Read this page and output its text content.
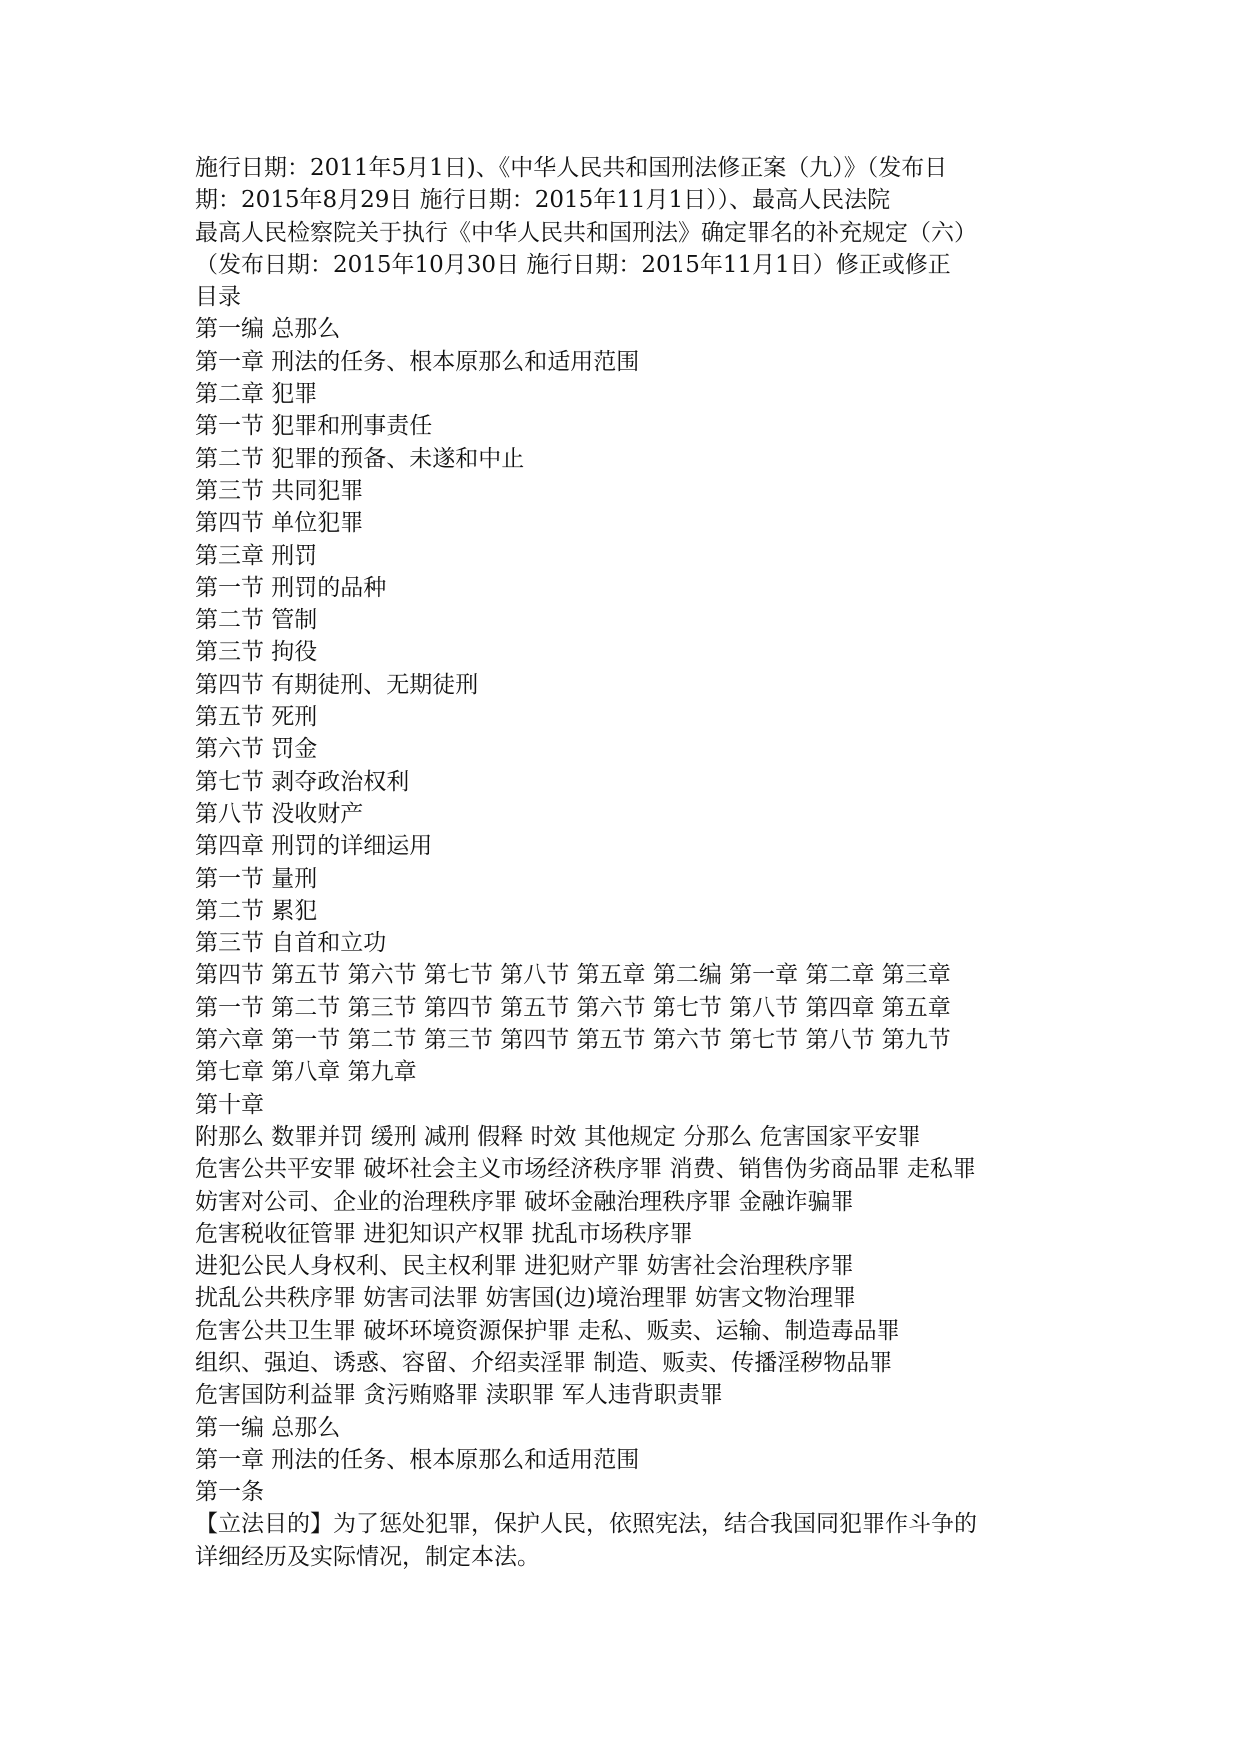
施行日期：2011年5月1日)、《中华人民共和国刑法修正案（九）》（发布日
期：2015年8月29日 施行日期：2015年11月1日））、最高人民法院
最高人民检察院关于执行《中华人民共和国刑法》确定罪名的补充规定（六）
（发布日期：2015年10月30日 施行日期：2015年11月1日）修正或修正
目录
第一编 总那么
第一章 刑法的任务、根本原那么和适用范围
第二章 犯罪
第一节 犯罪和刑事责任
第二节 犯罪的预备、未遂和中止
第三节 共同犯罪
第四节 单位犯罪
第三章 刑罚
第一节 刑罚的品种
第二节 管制
第三节 拘役
第四节 有期徒刑、无期徒刑
第五节 死刑
第六节 罚金
第七节 剥夺政治权利
第八节 没收财产
第四章 刑罚的详细运用
第一节 量刑
第二节 累犯
第三节 自首和立功
第四节 第五节 第六节 第七节 第八节 第五章 第二编 第一章 第二章 第三章
第一节 第二节 第三节 第四节 第五节 第六节 第七节 第八节 第四章 第五章
第六章 第一节 第二节 第三节 第四节 第五节 第六节 第七节 第八节 第九节
第七章 第八章 第九章
第十章
附那么 数罪并罚 缓刑 减刑 假释 时效 其他规定 分那么 危害国家平安罪
危害公共平安罪 破坏社会主义市场经济秩序罪 消费、销售伪劣商品罪 走私罪
妨害对公司、企业的治理秩序罪 破坏金融治理秩序罪 金融诈骗罪
危害税收征管罪 进犯知识产权罪 扰乱市场秩序罪
进犯公民人身权利、民主权利罪 进犯财产罪 妨害社会治理秩序罪
扰乱公共秩序罪 妨害司法罪 妨害国(边)境治理罪 妨害文物治理罪
危害公共卫生罪 破坏环境资源保护罪 走私、贩卖、运输、制造毒品罪
组织、强迫、诱惑、容留、介绍卖淫罪 制造、贩卖、传播淫秽物品罪
危害国防利益罪 贪污贿赂罪 渎职罪 军人违背职责罪
第一编 总那么
第一章 刑法的任务、根本原那么和适用范围
第一条
【立法目的】为了惩处犯罪，保护人民，依照宪法，结合我国同犯罪作斗争的
详细经历及实际情况，制定本法。
